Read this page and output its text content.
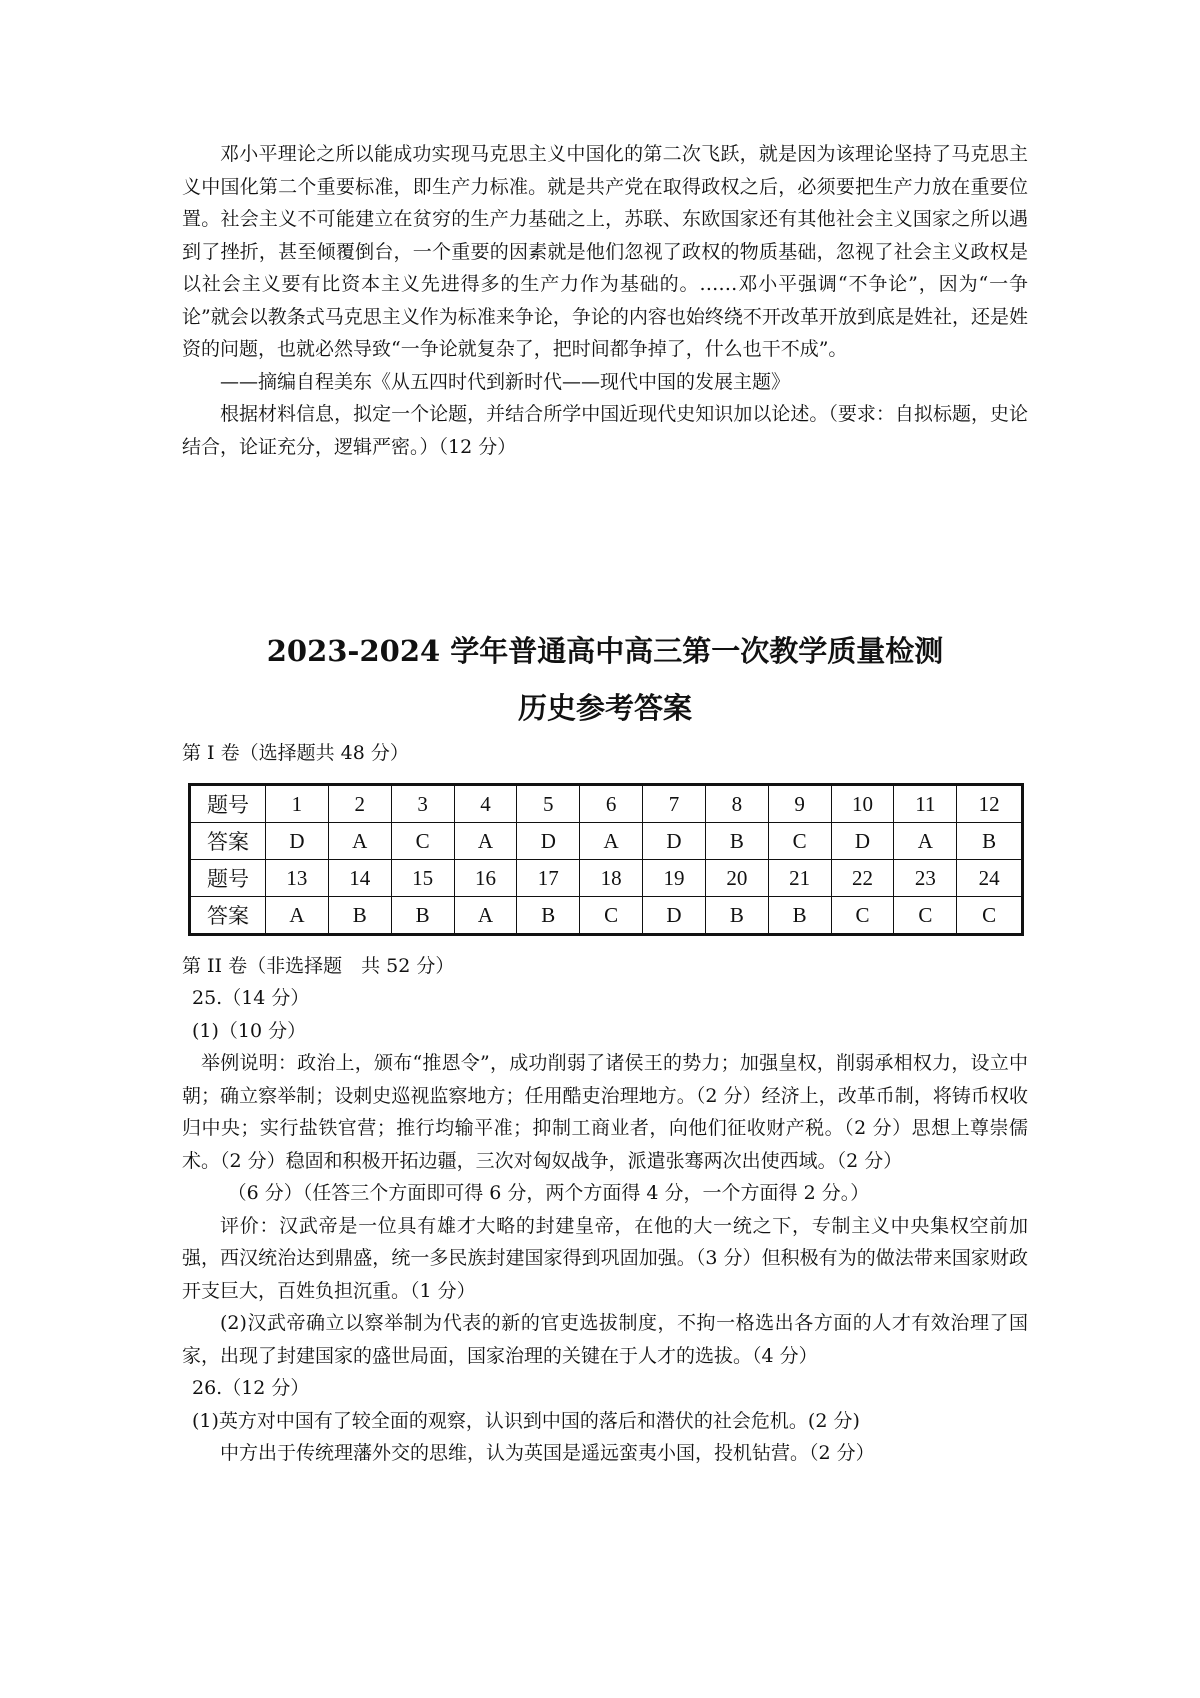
邓小平理论之所以能成功实现马克思主义中国化的第二次飞跃，就是因为该理论坚持了马克思主义中国化第二个重要标准，即生产力标准。就是共产党在取得政权之后，必须要把生产力放在重要位置。社会主义不可能建立在贫穷的生产力基础之上，苏联、东欧国家还有其他社会主义国家之所以遇到了挫折，甚至倾覆倒台，一个重要的因素就是他们忽视了政权的物质基础，忽视了社会主义政权是以社会主义要有比资本主义先进得多的生产力作为基础的。……邓小平强调“不争论”，因为“一争论”就会以教条式马克思主义作为标准来争论，争论的内容也始终绕不开改革开放到底是姓社，还是姓资的问题，也就必然导致“一争论就复杂了，把时间都争掉了，什么也干不成”。

——摘编自程美东《从五四时代到新时代——现代中国的发展主题》

根据材料信息，拟定一个论题，并结合所学中国近现代史知识加以论述。（要求：自拟标题，史论结合，论证充分，逻辑严密。）（12 分）

2023-2024 学年普通高中高三第一次教学质量检测

历史参考答案

第 I 卷（选择题共 48 分）

题号	1	2	3	4	5	6	7	8	9	10	11	12
答案	D	A	C	A	D	A	D	B	C	D	A	B
题号	13	14	15	16	17	18	19	20	21	22	23	24
答案	A	B	B	A	B	C	D	B	B	C	C	C

第 II 卷（非选择题　共 52 分）

25.（14 分）

(1)（10 分）

举例说明：政治上，颁布“推恩令”，成功削弱了诸侯王的势力；加强皇权，削弱承相权力，设立中朝；确立察举制；设刺史巡视监察地方；任用酷吏治理地方。（2 分）经济上，改革币制，将铸币权收归中央；实行盐铁官营；推行均输平准；抑制工商业者，向他们征收财产税。（2 分）思想上尊崇儒术。（2 分）稳固和积极开拓边疆，三次对匈奴战争，派遣张骞两次出使西域。（2 分）

（6 分）（任答三个方面即可得 6 分，两个方面得 4 分，一个方面得 2 分。）

评价：汉武帝是一位具有雄才大略的封建皇帝，在他的大一统之下，专制主义中央集权空前加强，西汉统治达到鼎盛，统一多民族封建国家得到巩固加强。（3 分）但积极有为的做法带来国家财政开支巨大，百姓负担沉重。（1 分）

(2)汉武帝确立以察举制为代表的新的官吏选拔制度，不拘一格选出各方面的人才有效治理了国家，出现了封建国家的盛世局面，国家治理的关键在于人才的选拔。（4 分）

26.（12 分）

(1)英方对中国有了较全面的观察，认识到中国的落后和潜伏的社会危机。(2 分)

中方出于传统理藩外交的思维，认为英国是遥远蛮夷小国，投机钻营。（2 分）
